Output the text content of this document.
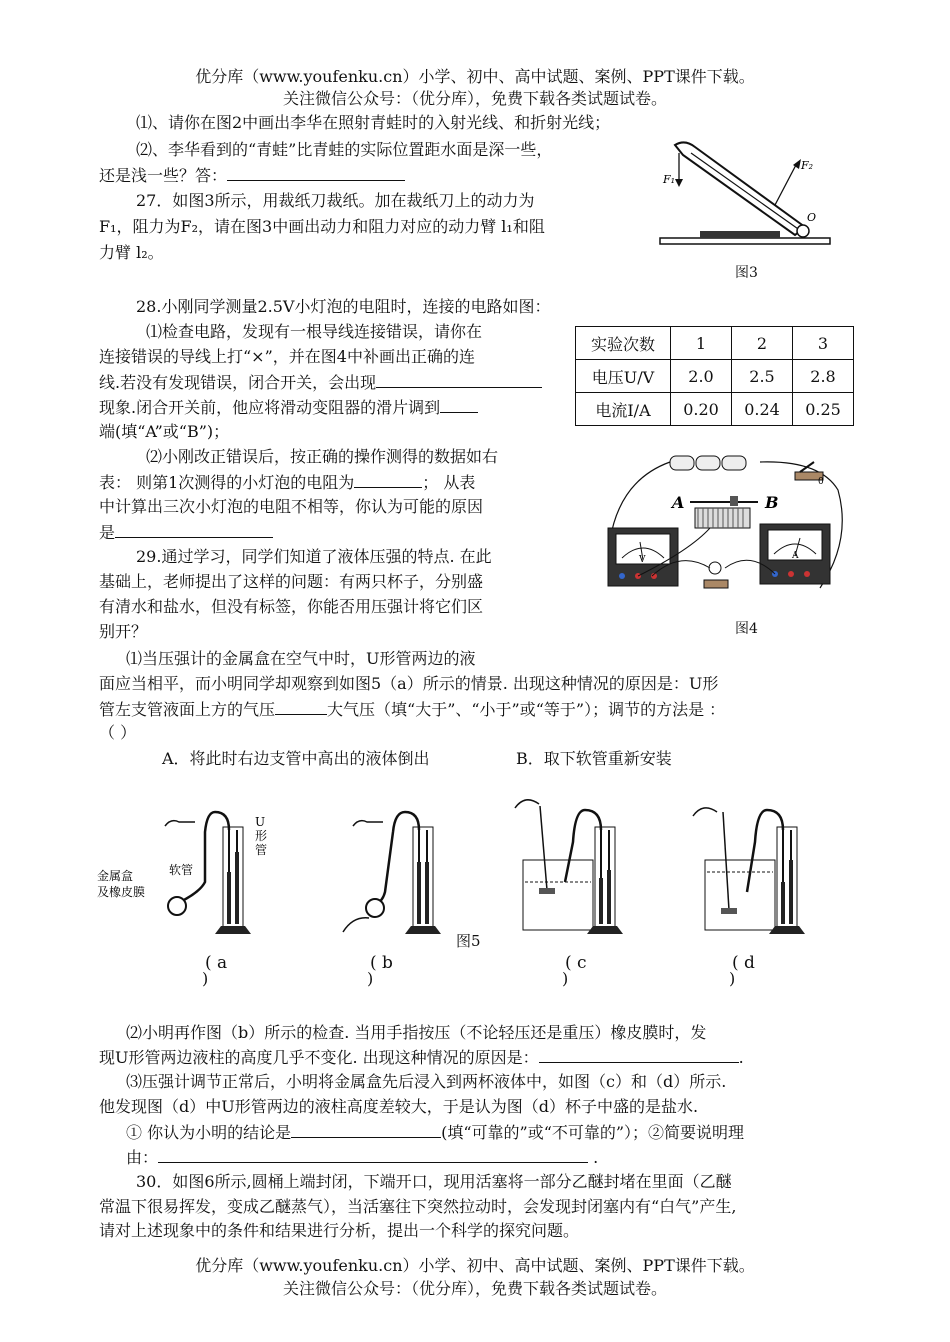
优分库（www.youfenku.cn）小学、初中、高中试题、案例、PPT课件下载。
关注微信公众号：（优分库），免费下载各类试题试卷。
⑴、请你在图2中画出李华在照射青蛙时的入射光线、和折射光线；
⑵、李华看到的“青蛙”比青蛙的实际位置距水面是深一些，
还是浅一些？答：
27．如图3所示，用裁纸刀裁纸。加在裁纸刀上的动力为
F₁，阻力为F₂，请在图3中画出动力和阻力对应的动力臂 l₁和阻
力臂 l₂。
F₁
F₂
O
图3
28.小刚同学测量2.5V小灯泡的电阻时，连接的电路如图：
⑴检查电路，发现有一根导线连接错误，请你在
连接错误的导线上打“×”，并在图4中补画出正确的连
线.若没有发现错误，闭合开关，会出现
现象.闭合开关前，他应将滑动变阻器的滑片调到
端(填“A”或“B”)；
⑵小刚改正错误后，按正确的操作测得的数据如右
表： 则第1次测得的小灯泡的电阻为	； 从表
中计算出三次小灯泡的电阻不相等，你认为可能的原因
是
实验次数	1	2	3
电压U/V	2.0	2.5	2.8
电流I/A	0.20	0.24	0.25
0
A	B
V	A
图4
29.通过学习，同学们知道了液体压强的特点. 在此
基础上，老师提出了这样的问题：有两只杯子，分别盛
有清水和盐水，但没有标签，你能否用压强计将它们区
别开？
⑴当压强计的金属盒在空气中时，U形管两边的液
面应当相平，而小明同学却观察到如图5（a）所示的情景. 出现这种情况的原因是：U形
管左支管液面上方的气压	大气压（填“大于”、“小于”或“等于”）；调节的方法是 ：
（ ）
A．将此时右边支管中高出的液体倒出	B．取下软管重新安装
U
形
管
软管
金属盒
及橡皮膜
图5
( a	( b	( c	( d
)	)	)	)
⑵小明再作图（b）所示的检查. 当用手指按压（不论轻压还是重压）橡皮膜时，发
现U形管两边液柱的高度几乎不变化. 出现这种情况的原因是：	.
⑶压强计调节正常后，小明将金属盒先后浸入到两杯液体中，如图（c）和（d）所示.
他发现图（d）中U形管两边的液柱高度差较大，于是认为图（d）杯子中盛的是盐水.
① 你认为小明的结论是	(填“可靠的”或“不可靠的”）；②简要说明理
由：	.
30．如图6所示,圆桶上端封闭，下端开口，现用活塞将一部分乙醚封堵在里面（乙醚
常温下很易挥发，变成乙醚蒸气），当活塞往下突然拉动时，会发现封闭塞内有“白气”产生,
请对上述现象中的条件和结果进行分析，提出一个科学的探究问题。
优分库（www.youfenku.cn）小学、初中、高中试题、案例、PPT课件下载。
关注微信公众号：（优分库），免费下载各类试题试卷。
